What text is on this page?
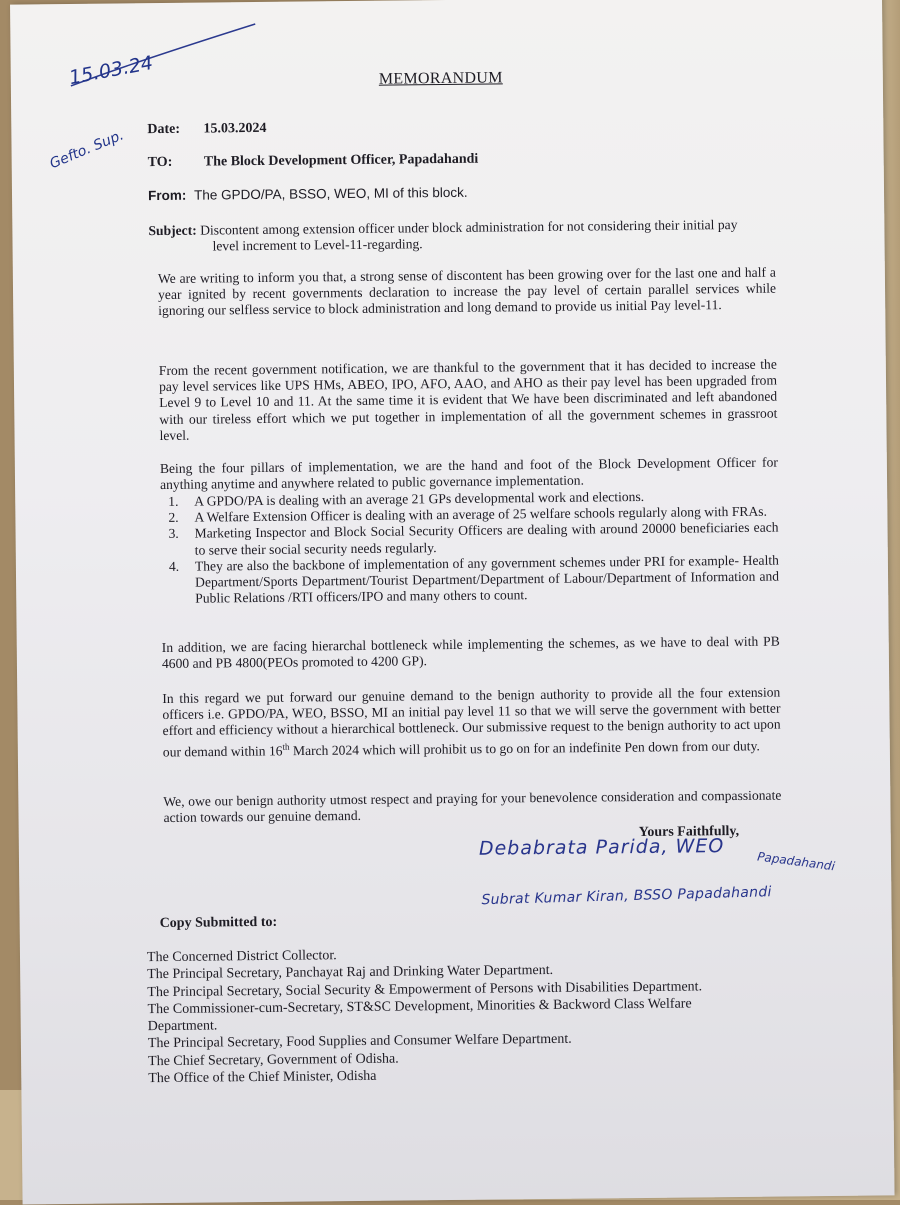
15.03.24
Gefto. Sup.
MEMORANDUM
Date: 15.03.2024
TO: The Block Development Officer, Papadahandi
From: The GPDO/PA, BSSO, WEO, MI of this block.
Subject: Discontent among extension officer under block administration for not considering their initial pay
level increment to Level-11-regarding.
We are writing to inform you that, a strong sense of discontent has been growing over for the last one and half a year ignited by recent governments declaration to increase the pay level of certain parallel services while ignoring our selfless service to block administration and long demand to provide us initial Pay level-11.
From the recent government notification, we are thankful to the government that it has decided to increase the pay level services like UPS HMs, ABEO, IPO, AFO, AAO, and AHO as their pay level has been upgraded from Level 9 to Level 10 and 11. At the same time it is evident that We have been discriminated and left abandoned with our tireless effort which we put together in implementation of all the government schemes in grassroot level.
Being the four pillars of implementation, we are the hand and foot of the Block Development Officer for anything anytime and anywhere related to public governance implementation.
1. A GPDO/PA is dealing with an average 21 GPs developmental work and elections.
2. A Welfare Extension Officer is dealing with an average of 25 welfare schools regularly along with FRAs.
3. Marketing Inspector and Block Social Security Officers are dealing with around 20000 beneficiaries each to serve their social security needs regularly.
4. They are also the backbone of implementation of any government schemes under PRI for example- Health Department/Sports Department/Tourist Department/Department of Labour/Department of Information and Public Relations /RTI officers/IPO and many others to count.
In addition, we are facing hierarchal bottleneck while implementing the schemes, as we have to deal with PB 4600 and PB 4800(PEOs promoted to 4200 GP).
In this regard we put forward our genuine demand to the benign authority to provide all the four extension officers i.e. GPDO/PA, WEO, BSSO, MI an initial pay level 11 so that we will serve the government with better effort and efficiency without a hierarchical bottleneck. Our submissive request to the benign authority to act upon our demand within 16th March 2024 which will prohibit us to go on for an indefinite Pen down from our duty.
We, owe our benign authority utmost respect and praying for your benevolence consideration and compassionate action towards our genuine demand.
Yours Faithfully,
Debabrata Parida, WEO
Papadahandi
Subrat Kumar Kiran, BSSO Papadahandi
Copy Submitted to:
The Concerned District Collector.
The Principal Secretary, Panchayat Raj and Drinking Water Department.
The Principal Secretary, Social Security & Empowerment of Persons with Disabilities Department.
The Commissioner-cum-Secretary, ST&SC Development, Minorities & Backword Class Welfare
Department.
The Principal Secretary, Food Supplies and Consumer Welfare Department.
The Chief Secretary, Government of Odisha.
The Office of the Chief Minister, Odisha
